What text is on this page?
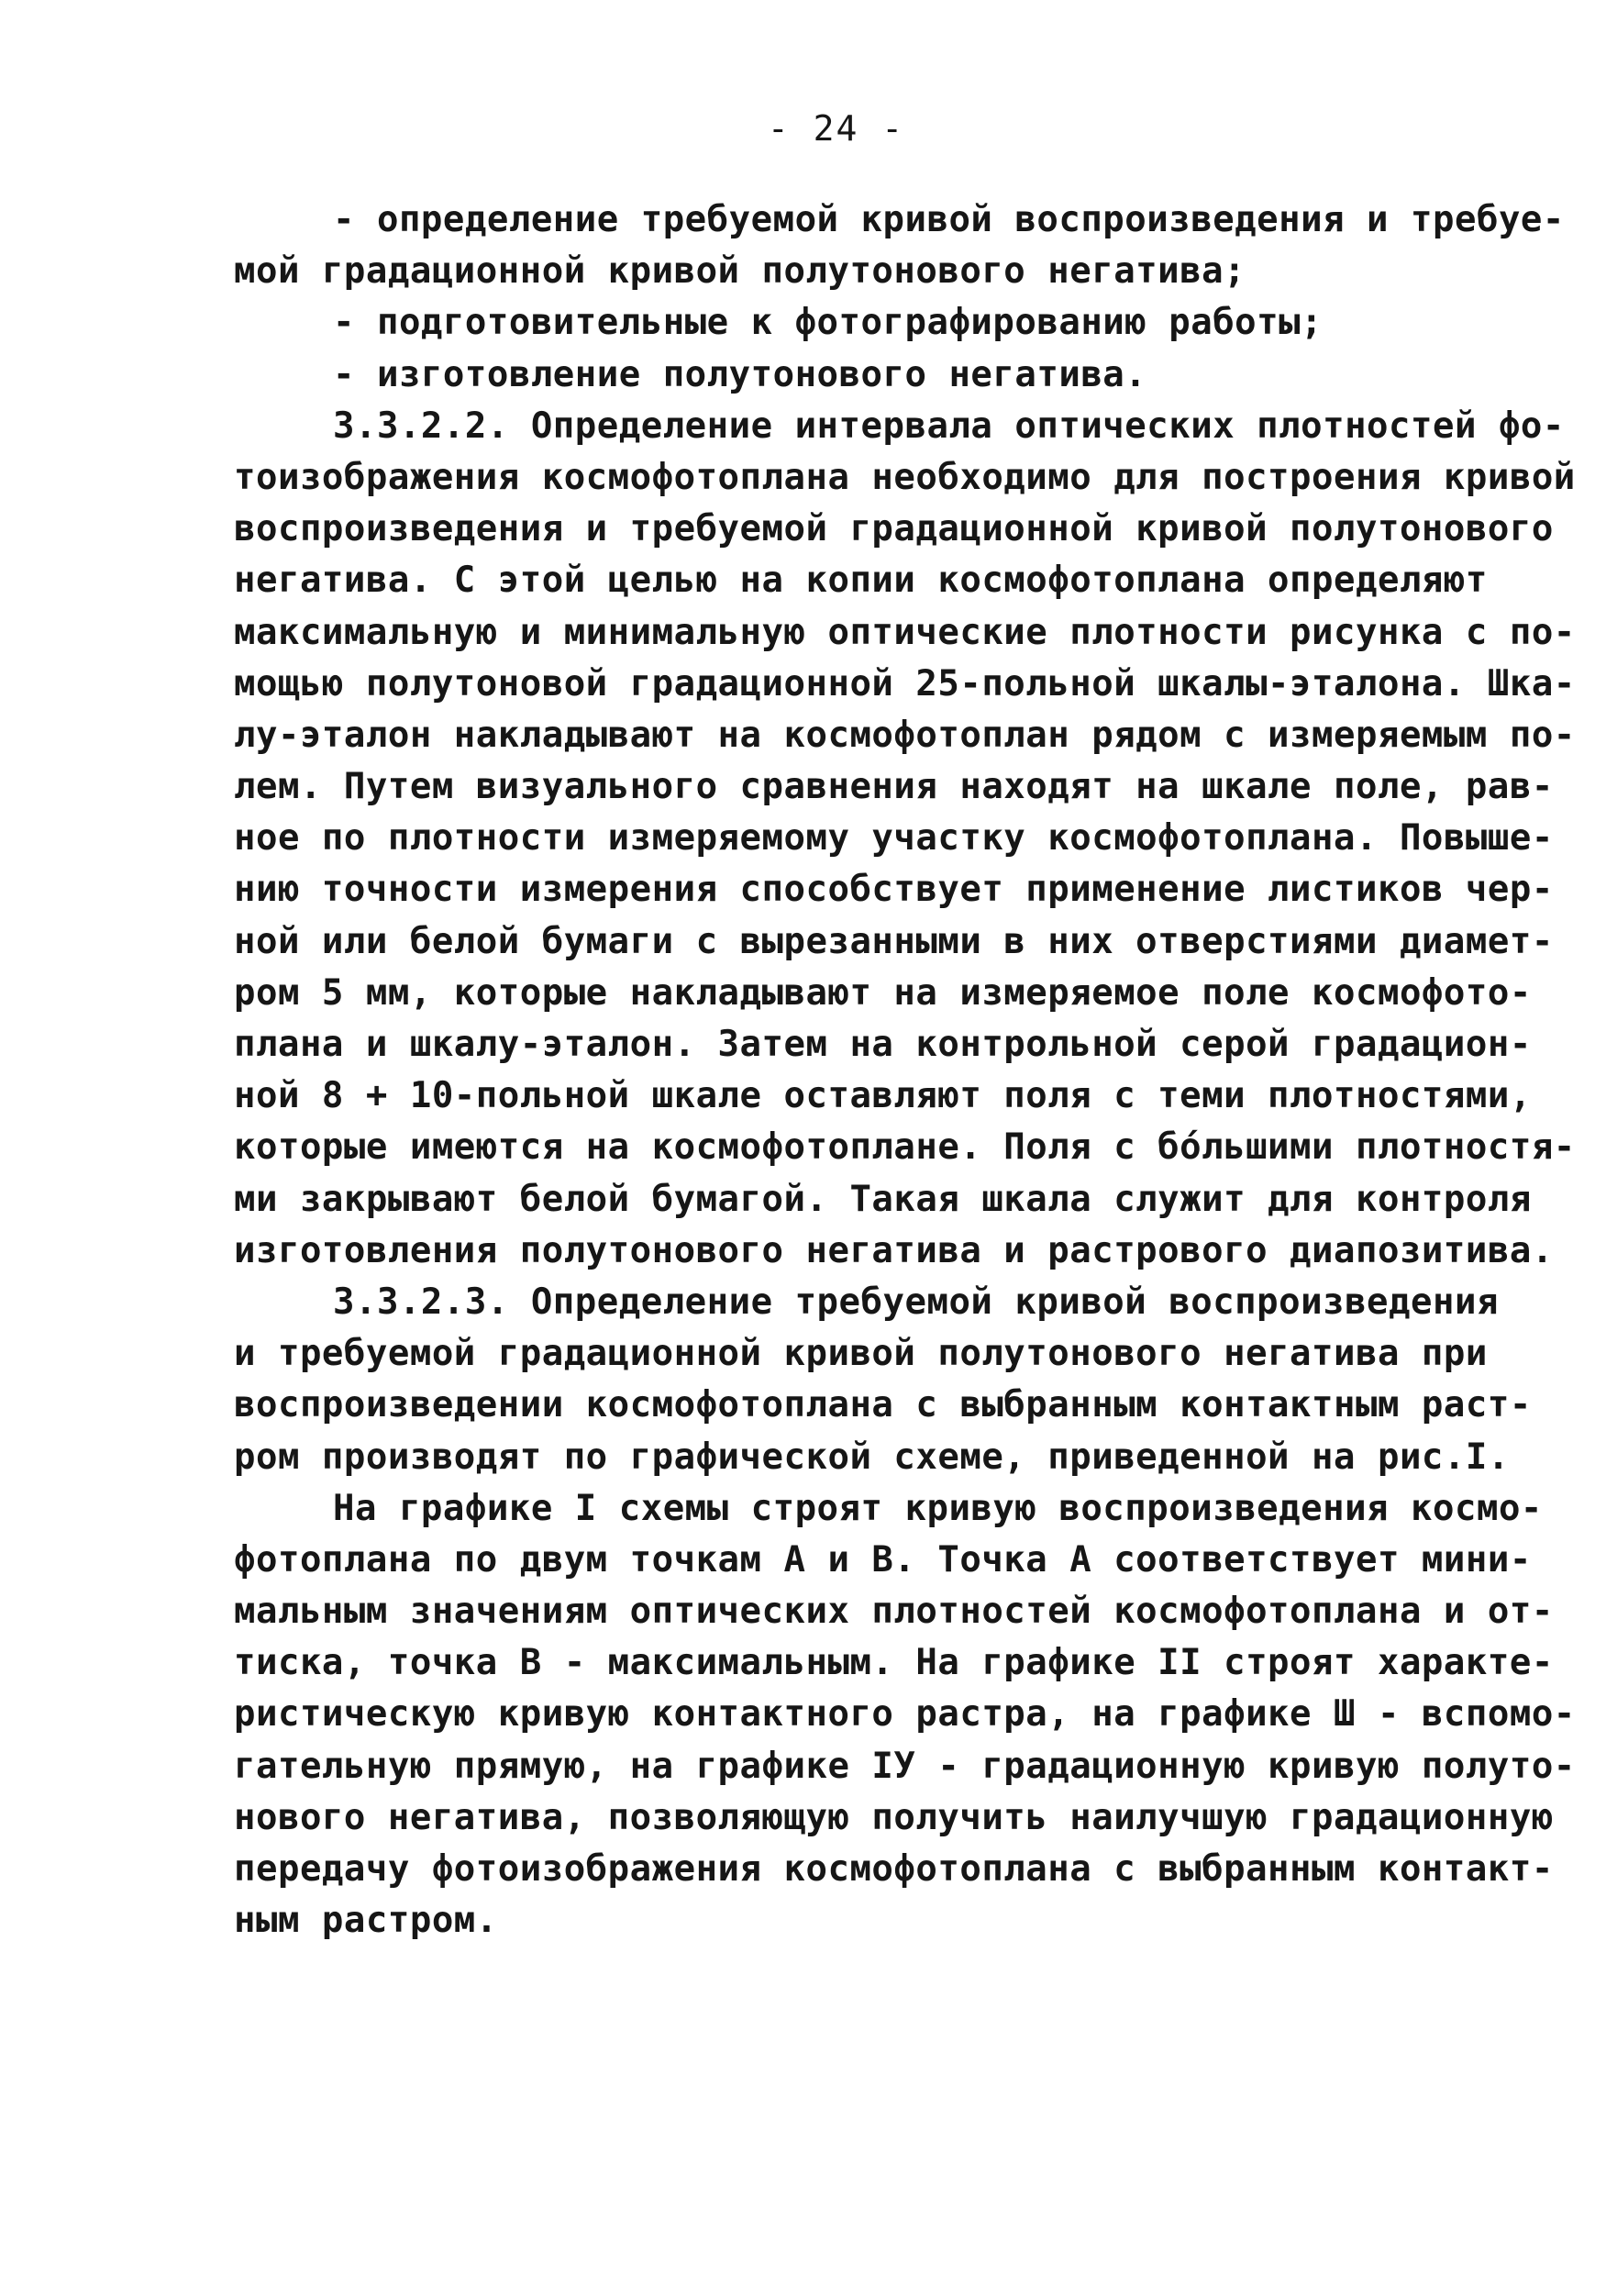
- 24 -
- определение требуемой кривой воспроизведения и требуе-
мой градационной кривой полутонового негатива;
- подготовительные к фотографированию работы;
- изготовление полутонового негатива.
3.3.2.2. Определение интервала оптических плотностей фо-
тоизображения космофотоплана необходимо для построения кривой
воспроизведения и требуемой градационной кривой полутонового
негатива. С этой целью на копии космофотоплана определяют
максимальную и минимальную оптические плотности рисунка с по-
мощью полутоновой градационной 25-польной шкалы-эталона. Шка-
лу-эталон накладывают на космофотоплан рядом с измеряемым по-
лем. Путем визуального сравнения находят на шкале поле, рав-
ное по плотности измеряемому участку космофотоплана. Повыше-
нию точности измерения способствует применение листиков чер-
ной или белой бумаги с вырезанными в них отверстиями диамет-
ром 5 мм, которые накладывают на измеряемое поле космофото-
плана и шкалу-эталон. Затем на контрольной серой градацион-
ной 8 + 10-польной шкале оставляют поля с теми плотностями,
которые имеются на космофотоплане. Поля с бо́льшими плотностя-
ми закрывают белой бумагой. Такая шкала служит для контроля
изготовления полутонового негатива и растрового диапозитива.
3.3.2.3. Определение требуемой кривой воспроизведения
и требуемой градационной кривой полутонового негатива при
воспроизведении космофотоплана с выбранным контактным раст-
ром производят по графической схеме, приведенной на рис.I.
На графике I схемы строят кривую воспроизведения космо-
фотоплана по двум точкам А и В. Точка А соответствует мини-
мальным значениям оптических плотностей космофотоплана и от-
тиска, точка В - максимальным. На графике II строят характе-
ристическую кривую контактного растра, на графике Ш - вспомо-
гательную прямую, на графике IУ - градационную кривую полуто-
нового негатива, позволяющую получить наилучшую градационную
передачу фотоизображения космофотоплана с выбранным контакт-
ным растром.
